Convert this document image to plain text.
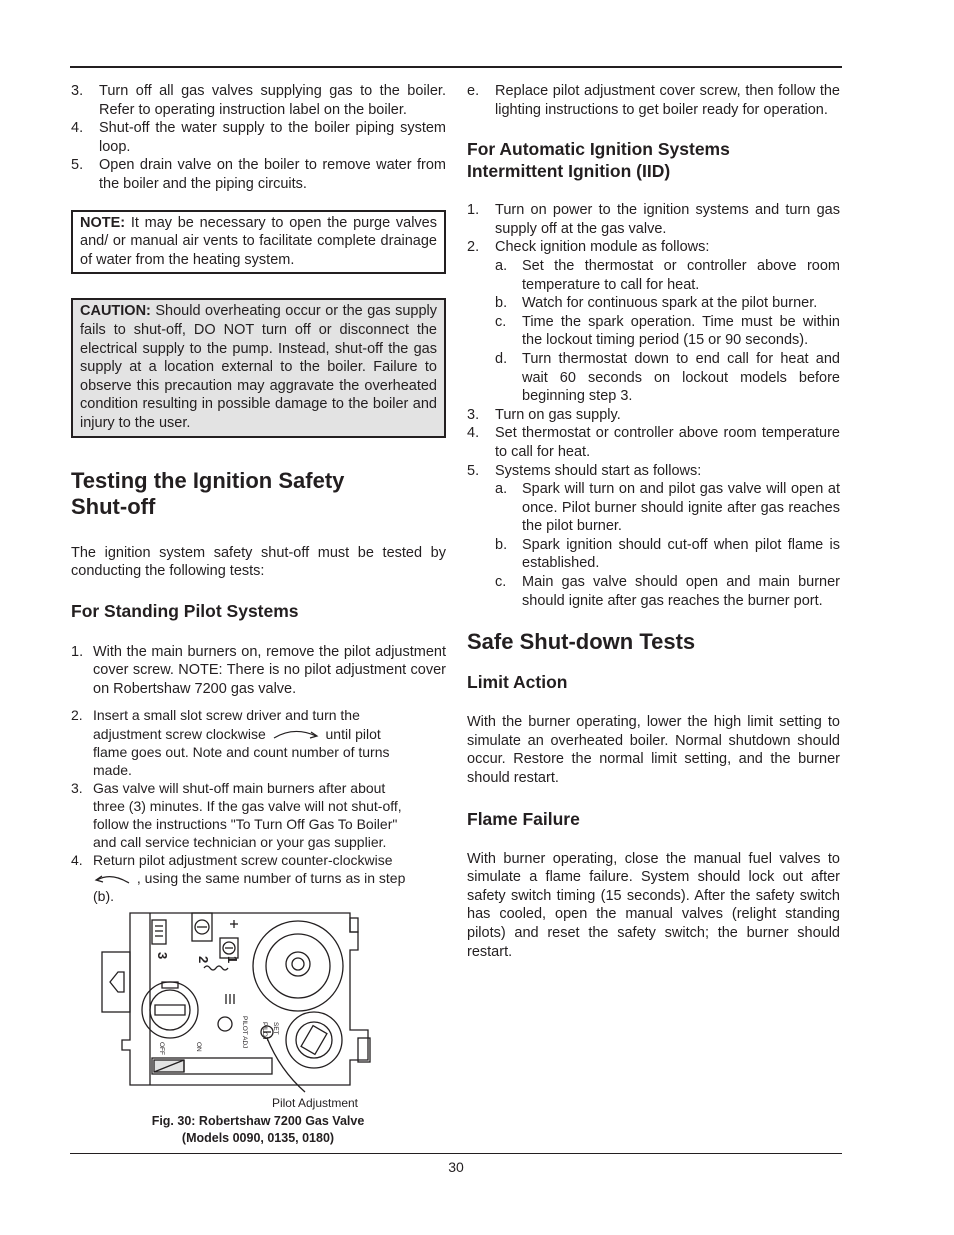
3.	Turn off all gas valves supplying gas to the boiler. Refer to operating instruction label on the boiler.
4.	Shut-off the water supply to the boiler piping system loop.
5.	Open drain valve on the boiler to remove water from the boiler and the piping circuits.
NOTE: It may be necessary to open the purge valves and/ or manual air vents to facilitate complete drainage of water from the heating system.
CAUTION: Should overheating occur or the gas supply fails to shut-off, DO NOT turn off or disconnect the electrical supply to the pump. Instead, shut-off the gas supply at a location external to the boiler. Failure to observe this precaution may aggravate the overheated condition resulting in possible damage to the boiler and injury to the user.
Testing the Ignition Safety
Shut-off

The ignition system safety shut-off must be tested by conducting the following tests:

For Standing Pilot Systems
1. With the main burners on, remove the pilot adjustment cover screw. NOTE: There is no pilot adjustment cover on Robertshaw 7200 gas valve.
2. Insert a small slot screw driver and turn the adjustment screw clockwise	until pilot flame goes out. Note and count number of turns made.
3. Gas valve will shut-off main burners after about three (3) minutes. If the gas valve will not shut-off, follow the instructions "To Turn Off Gas To Boiler" and call service technician or your gas supplier.
4. Return pilot adjustment screw counter-clockwise  , using the same number of turns as in step (b).
3
2 1
PILOT ADJ	SET
PILOT
ON
OFF
Pilot Adjustment
Fig. 30: Robertshaw 7200 Gas Valve
(Models 0090, 0135, 0180)
e.	Replace pilot adjustment cover screw, then follow the lighting instructions to get boiler ready for operation.
For Automatic Ignition Systems
Intermittent Ignition (IID)
1.	Turn on power to the ignition systems and turn gas supply off at the gas valve.
2.	Check ignition module as follows:
a.	Set the thermostat or controller above room temperature to call for heat.
b.	Watch for continuous spark at the pilot burner.
c.	Time the spark operation. Time must be within the lockout timing period (15 or 90 seconds).
d.	Turn thermostat down to end call for heat and wait 60 seconds on lockout models before beginning step 3.
3.	Turn on gas supply.
4.	Set thermostat or controller above room temperature to call for heat.
5.	Systems should start as follows:
a.	Spark will turn on and pilot gas valve will open at once. Pilot burner should ignite after gas reaches the pilot burner.
b.	Spark ignition should cut-off when pilot flame is established.
c.	Main gas valve should open and main burner should ignite after gas reaches the burner port.
Safe Shut-down Tests
Limit Action

With the burner operating, lower the high limit setting to simulate an overheated boiler. Normal shutdown should occur. Restore the normal limit setting, and the burner should restart.

Flame Failure

With burner operating, close the manual fuel valves to simulate a flame failure. System should lock out after safety switch timing (15 seconds). After the safety switch has cooled, open the manual valves (relight standing pilots) and reset the safety switch; the burner should restart.

30
